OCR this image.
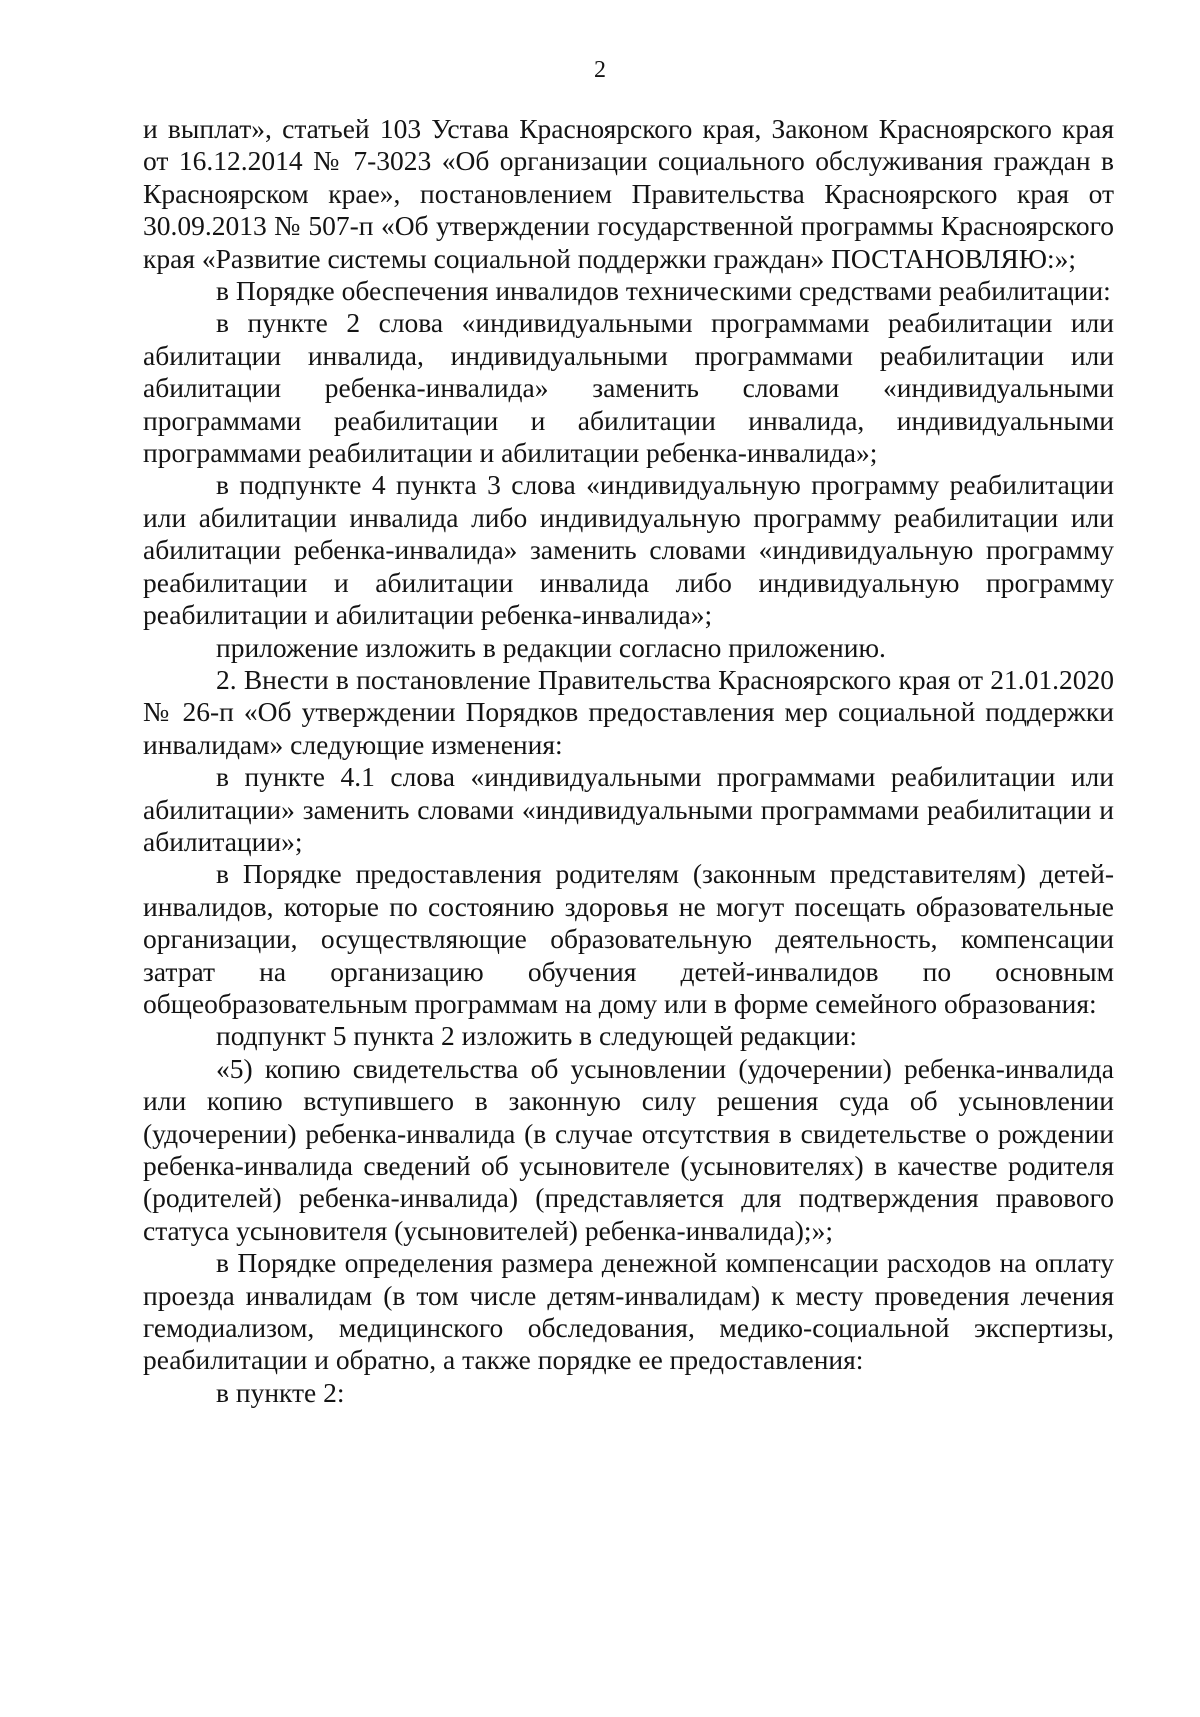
2

и выплат», статьей 103 Устава Красноярского края, Законом Красноярского края от 16.12.2014 № 7-3023 «Об организации социального обслуживания граждан в Красноярском крае», постановлением Правительства Красноярского края от 30.09.2013 № 507-п «Об утверждении государственной программы Красноярского края «Развитие системы социальной поддержки граждан» ПОСТАНОВЛЯЮ:»;

в Порядке обеспечения инвалидов техническими средствами реабилитации:

в пункте 2 слова «индивидуальными программами реабилитации или абилитации инвалида, индивидуальными программами реабилитации или абилитации ребенка-инвалида» заменить словами «индивидуальными программами реабилитации и абилитации инвалида, индивидуальными программами реабилитации и абилитации ребенка-инвалида»;

в подпункте 4 пункта 3 слова «индивидуальную программу реабилитации или абилитации инвалида либо индивидуальную программу реабилитации или абилитации ребенка-инвалида» заменить словами «индивидуальную программу реабилитации и абилитации инвалида либо индивидуальную программу реабилитации и абилитации ребенка-инвалида»;

приложение изложить в редакции согласно приложению.

2. Внести в постановление Правительства Красноярского края от 21.01.2020 № 26-п «Об утверждении Порядков предоставления мер социальной поддержки инвалидам» следующие изменения:

в пункте 4.1 слова «индивидуальными программами реабилитации или абилитации» заменить словами «индивидуальными программами реабилитации и абилитации»;

в Порядке предоставления родителям (законным представителям) детей-инвалидов, которые по состоянию здоровья не могут посещать образовательные организации, осуществляющие образовательную деятельность, компенсации затрат на организацию обучения детей-инвалидов по основным общеобразовательным программам на дому или в форме семейного образования:

подпункт 5 пункта 2 изложить в следующей редакции:

«5) копию свидетельства об усыновлении (удочерении) ребенка-инвалида или копию вступившего в законную силу решения суда об усыновлении (удочерении) ребенка-инвалида (в случае отсутствия в свидетельстве о рождении ребенка-инвалида сведений об усыновителе (усыновителях) в качестве родителя (родителей) ребенка-инвалида) (представляется для подтверждения правового статуса усыновителя (усыновителей) ребенка-инвалида);»;

в Порядке определения размера денежной компенсации расходов на оплату проезда инвалидам (в том числе детям-инвалидам) к месту проведения лечения гемодиализом, медицинского обследования, медико-социальной экспертизы, реабилитации и обратно, а также порядке ее предоставления:

в пункте 2:
